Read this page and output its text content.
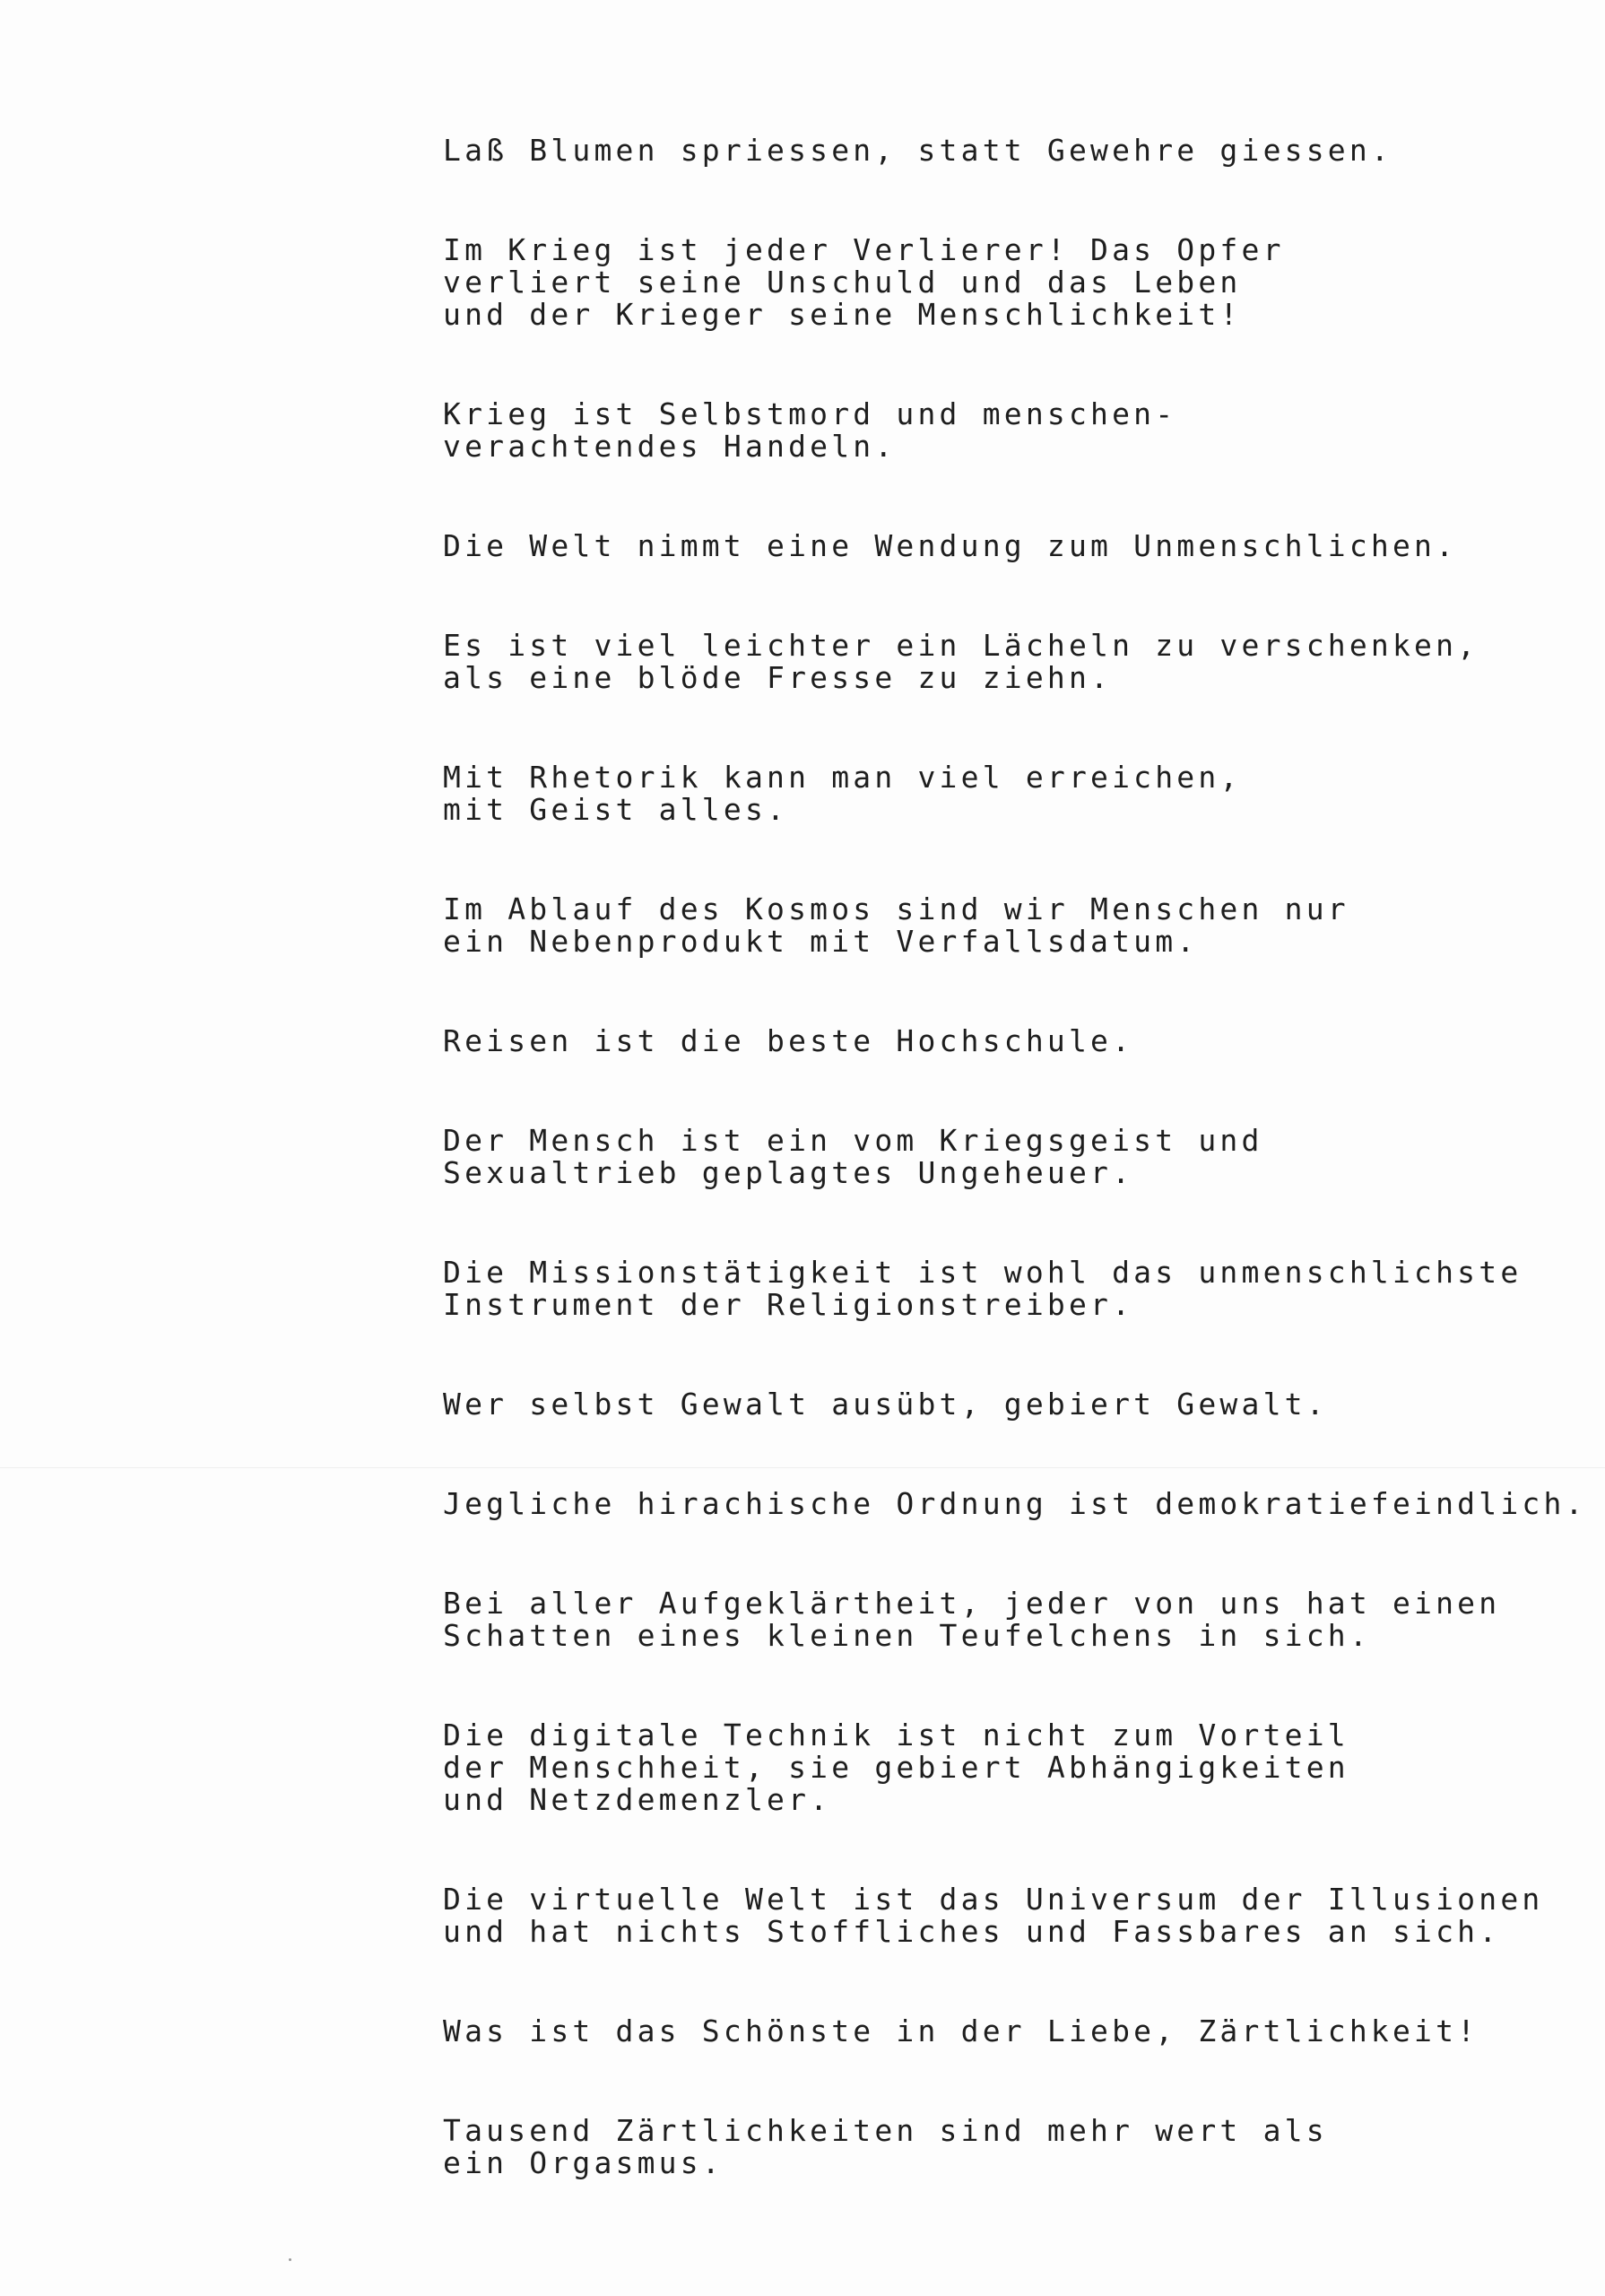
Laß Blumen spriessen, statt Gewehre giessen.
Im Krieg ist jeder Verlierer! Das Opfer
verliert seine Unschuld und das Leben
und der Krieger seine Menschlichkeit!
Krieg ist Selbstmord und menschen-
verachtendes Handeln.
Die Welt nimmt eine Wendung zum Unmenschlichen.
Es ist viel leichter ein Lächeln zu verschenken,
als eine blöde Fresse zu ziehn.
Mit Rhetorik kann man viel erreichen,
mit Geist alles.
Im Ablauf des Kosmos sind wir Menschen nur
ein Nebenprodukt mit Verfallsdatum.
Reisen ist die beste Hochschule.
Der Mensch ist ein vom Kriegsgeist und
Sexualtrieb geplagtes Ungeheuer.
Die Missionstätigkeit ist wohl das unmenschlichste
Instrument der Religionstreiber.
Wer selbst Gewalt ausübt, gebiert Gewalt.
Jegliche hirachische Ordnung ist demokratiefeindlich.
Bei aller Aufgeklärtheit, jeder von uns hat einen
Schatten eines kleinen Teufelchens in sich.
Die digitale Technik ist nicht zum Vorteil
der Menschheit, sie gebiert Abhängigkeiten
und Netzdemenzler.
Die virtuelle Welt ist das Universum der Illusionen
und hat nichts Stoffliches und Fassbares an sich.
Was ist das Schönste in der Liebe, Zärtlichkeit!
Tausend Zärtlichkeiten sind mehr wert als
ein Orgasmus.
